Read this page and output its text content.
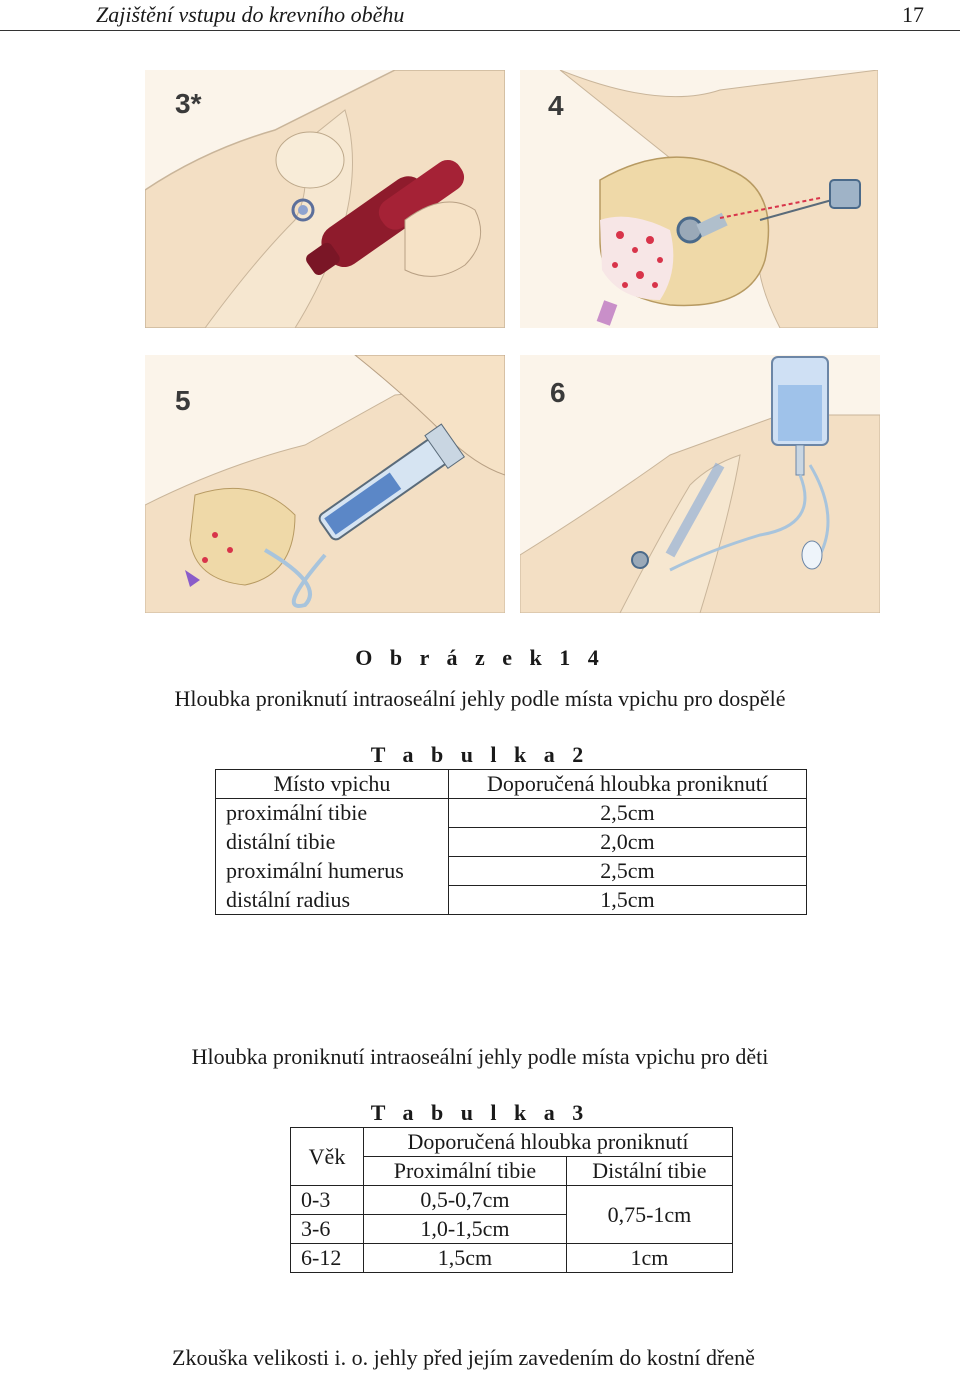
Zajištění vstupu do krevního oběhu	17
3*	4
5	6
O b r á z e k 1 4
Hloubka proniknutí intraoseální jehly podle místa vpichu pro dospělé
T a b u l k a 2
Místo vpichu	Doporučená hloubka proniknutí
proximální tibie	2,5cm
distální tibie	2,0cm
proximální humerus	2,5cm
distální radius	1,5cm
Hloubka proniknutí intraoseální jehly podle místa vpichu pro děti
T a b u l k a 3
Věk	Doporučená hloubka proniknutí	
	Proximální tibie	Distální tibie
0-3	0,5-0,7cm	0,75-1cm
3-6	1,0-1,5cm	
6-12	1,5cm	1cm
Zkouška velikosti i. o. jehly před jejím zavedením do kostní dřeně
